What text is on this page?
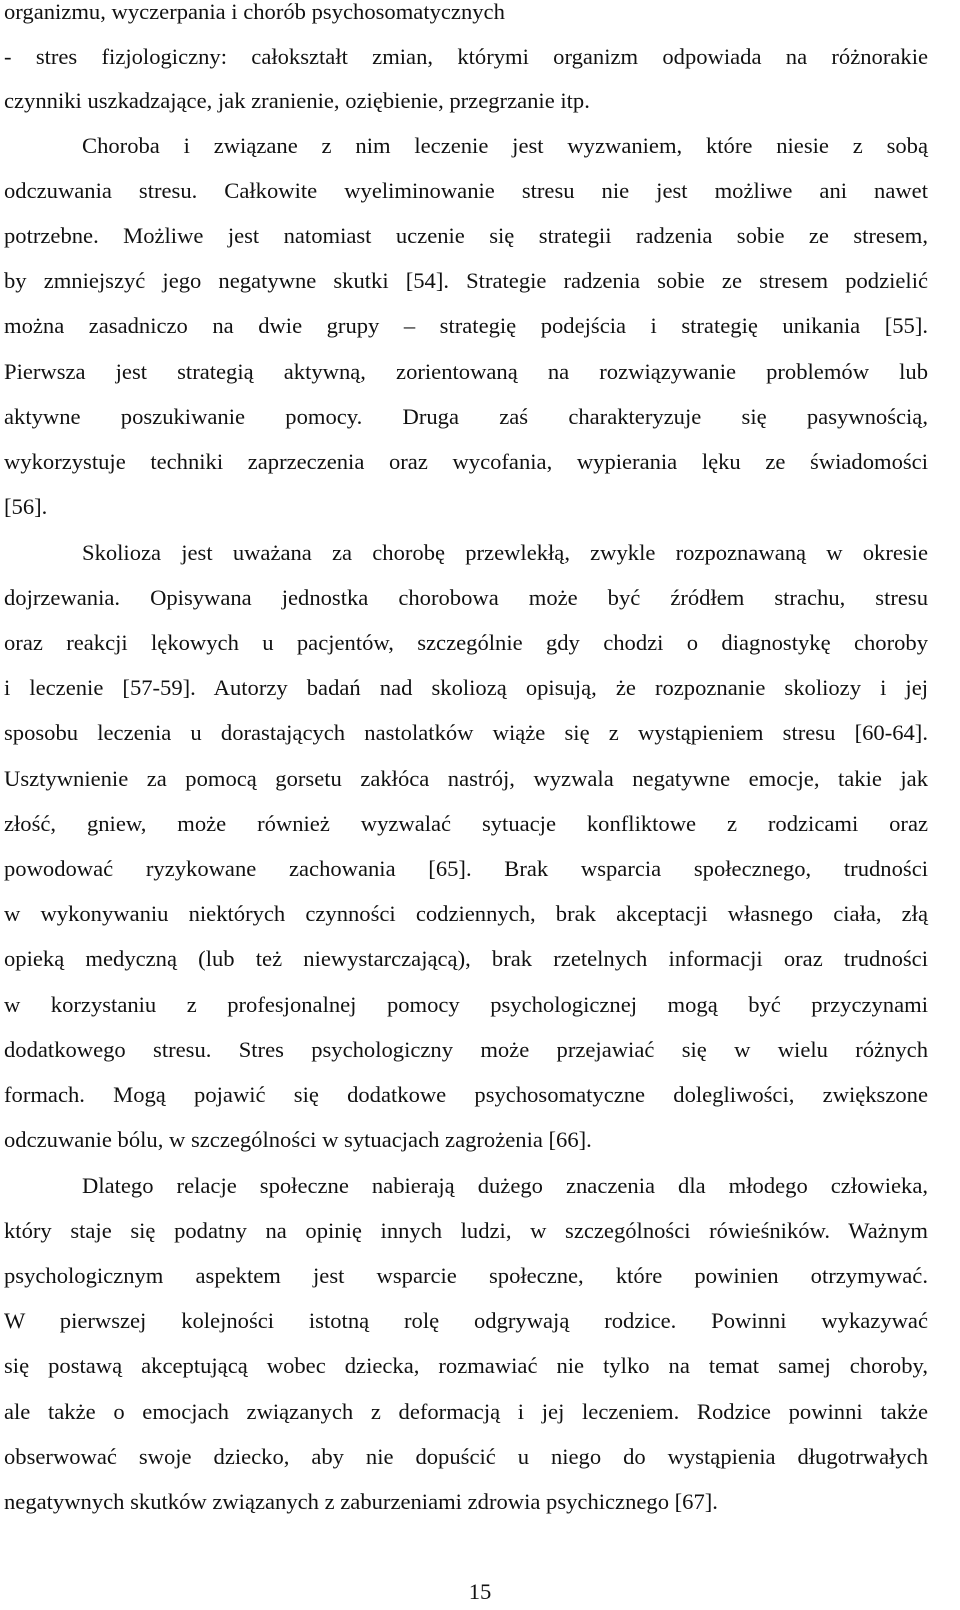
organizmu, wyczerpania i chorób psychosomatycznych
- stres fizjologiczny: całokształt zmian, którymi organizm odpowiada na różnorakie
czynniki uszkadzające, jak zranienie, oziębienie, przegrzanie itp.
Choroba i związane z nim leczenie jest wyzwaniem, które niesie z sobą
odczuwania stresu. Całkowite wyeliminowanie stresu nie jest możliwe ani nawet
potrzebne. Możliwe jest natomiast uczenie się strategii radzenia sobie ze stresem,
by zmniejszyć jego negatywne skutki [54]. Strategie radzenia sobie ze stresem podzielić
można zasadniczo na dwie grupy – strategię podejścia i strategię unikania [55].
Pierwsza jest strategią aktywną, zorientowaną na rozwiązywanie problemów lub
aktywne poszukiwanie pomocy. Druga zaś charakteryzuje się pasywnością,
wykorzystuje techniki zaprzeczenia oraz wycofania, wypierania lęku ze świadomości
[56].
Skolioza jest uważana za chorobę przewlekłą, zwykle rozpoznawaną w okresie
dojrzewania. Opisywana jednostka chorobowa może być źródłem strachu, stresu
oraz reakcji lękowych u pacjentów, szczególnie gdy chodzi o diagnostykę choroby
i leczenie [57-59]. Autorzy badań nad skoliozą opisują, że rozpoznanie skoliozy i jej
sposobu leczenia u dorastających nastolatków wiąże się z wystąpieniem stresu [60-64].
Usztywnienie za pomocą gorsetu zakłóca nastrój, wyzwala negatywne emocje, takie jak
złość, gniew, może również wyzwalać sytuacje konfliktowe z rodzicami oraz
powodować ryzykowane zachowania [65]. Brak wsparcia społecznego, trudności
w wykonywaniu niektórych czynności codziennych, brak akceptacji własnego ciała, złą
opieką medyczną (lub też niewystarczającą), brak rzetelnych informacji oraz trudności
w korzystaniu z profesjonalnej pomocy psychologicznej mogą być przyczynami
dodatkowego stresu. Stres psychologiczny może przejawiać się w wielu różnych
formach. Mogą pojawić się dodatkowe psychosomatyczne dolegliwości, zwiększone
odczuwanie bólu, w szczególności w sytuacjach zagrożenia [66].
Dlatego relacje społeczne nabierają dużego znaczenia dla młodego człowieka,
który staje się podatny na opinię innych ludzi, w szczególności rówieśników. Ważnym
psychologicznym aspektem jest wsparcie społeczne, które powinien otrzymywać.
W pierwszej kolejności istotną rolę odgrywają rodzice. Powinni wykazywać
się postawą akceptującą wobec dziecka, rozmawiać nie tylko na temat samej choroby,
ale także o emocjach związanych z deformacją i jej leczeniem. Rodzice powinni także
obserwować swoje dziecko, aby nie dopuścić u niego do wystąpienia długotrwałych
negatywnych skutków związanych z zaburzeniami zdrowia psychicznego [67].
15
